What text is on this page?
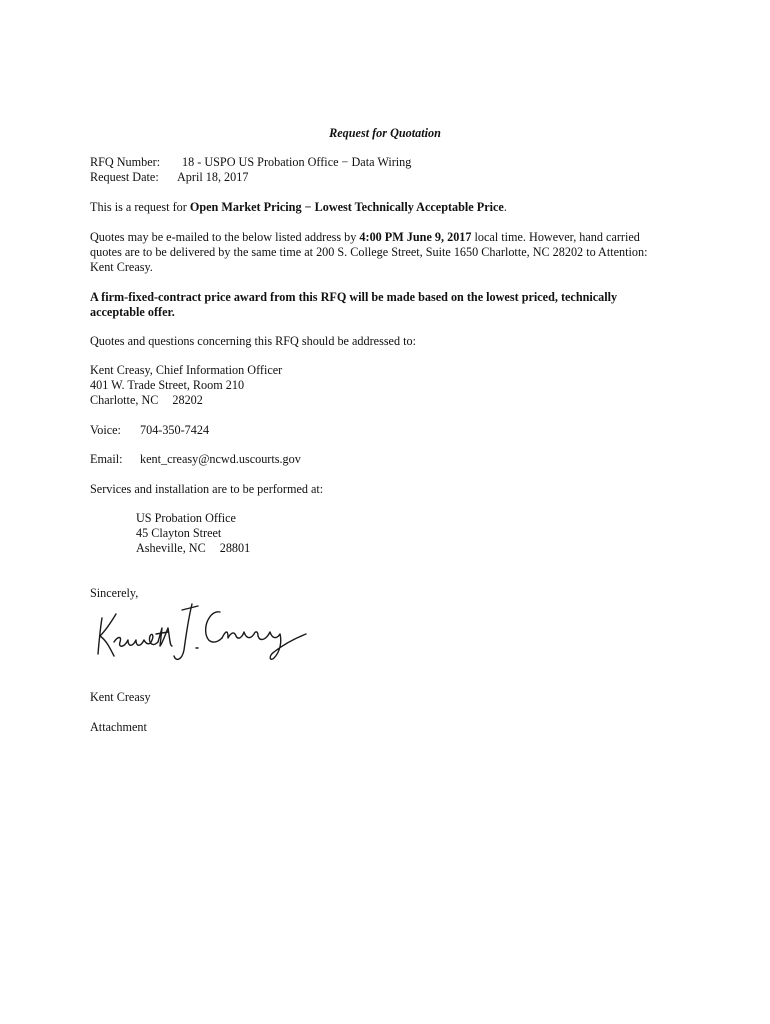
Request for Quotation
RFQ Number: 18 - USPO US Probation Office − Data Wiring
Request Date: April 18, 2017
This is a request for Open Market Pricing − Lowest Technically Acceptable Price.
Quotes may be e-mailed to the below listed address by 4:00 PM June 9, 2017 local time. However, hand carried
quotes are to be delivered by the same time at 200 S. College Street, Suite 1650 Charlotte, NC 28202 to Attention:
Kent Creasy.
A firm-fixed-contract price award from this RFQ will be made based on the lowest priced, technically
acceptable offer.
Quotes and questions concerning this RFQ should be addressed to:
Kent Creasy, Chief Information Officer
401 W. Trade Street, Room 210
Charlotte, NC 28202
Voice: 704-350-7424
Email: kent_creasy@ncwd.uscourts.gov
Services and installation are to be performed at:
US Probation Office
45 Clayton Street
Asheville, NC 28801
Sincerely,
Kent Creasy
Attachment
